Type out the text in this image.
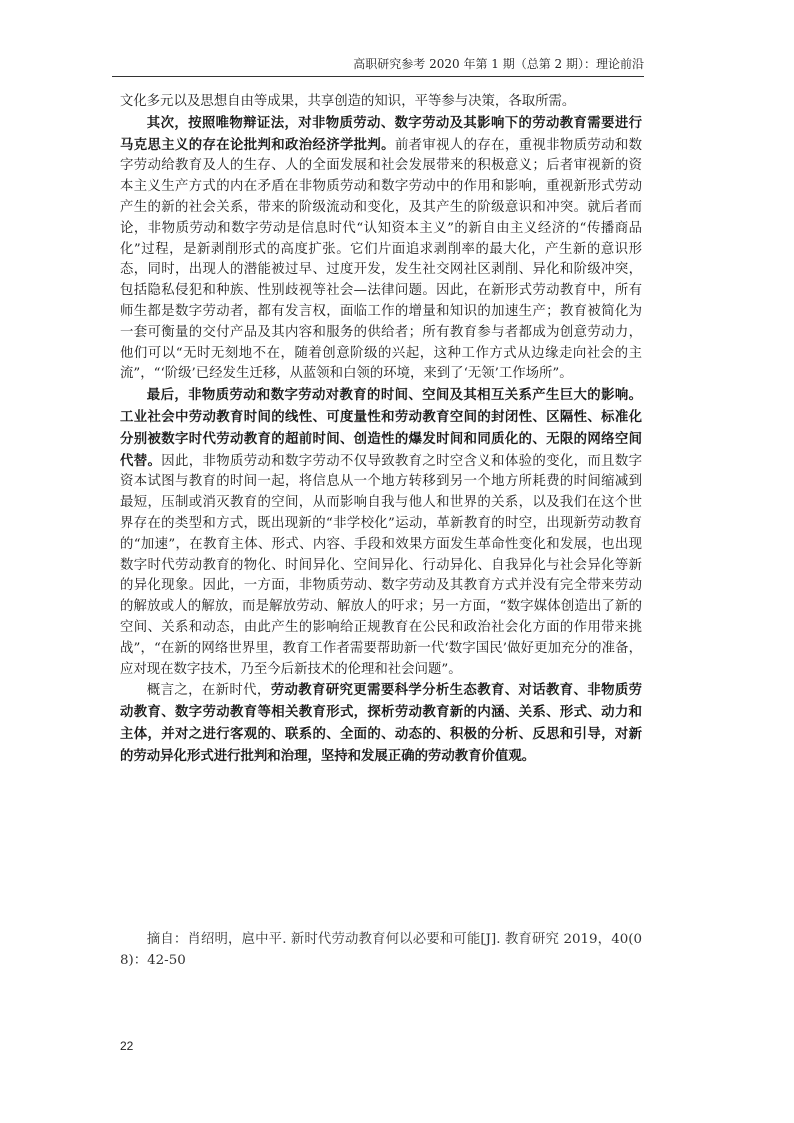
高职研究参考 2020 年第 1 期（总第 2 期）：理论前沿

文化多元以及思想自由等成果，共享创造的知识，平等参与决策，各取所需。

其次，按照唯物辩证法，对非物质劳动、数字劳动及其影响下的劳动教育需要进行马克思主义的存在论批判和政治经济学批判。前者审视人的存在，重视非物质劳动和数字劳动给教育及人的生存、人的全面发展和社会发展带来的积极意义；后者审视新的资本主义生产方式的内在矛盾在非物质劳动和数字劳动中的作用和影响，重视新形式劳动产生的新的社会关系，带来的阶级流动和变化，及其产生的阶级意识和冲突。就后者而论，非物质劳动和数字劳动是信息时代“认知资本主义”的新自由主义经济的“传播商品化”过程，是新剥削形式的高度扩张。它们片面追求剥削率的最大化，产生新的意识形态，同时，出现人的潜能被过早、过度开发，发生社交网社区剥削、异化和阶级冲突，包括隐私侵犯和种族、性别歧视等社会—法律问题。因此，在新形式劳动教育中，所有师生都是数字劳动者，都有发言权，面临工作的增量和知识的加速生产；教育被简化为一套可衡量的交付产品及其内容和服务的供给者；所有教育参与者都成为创意劳动力，他们可以“无时无刻地不在，随着创意阶级的兴起，这种工作方式从边缘走向社会的主流”，“‘阶级’已经发生迁移，从蓝领和白领的环境，来到了‘无领’工作场所”。

最后，非物质劳动和数字劳动对教育的时间、空间及其相互关系产生巨大的影响。工业社会中劳动教育时间的线性、可度量性和劳动教育空间的封闭性、区隔性、标准化分别被数字时代劳动教育的超前时间、创造性的爆发时间和同质化的、无限的网络空间代替。因此，非物质劳动和数字劳动不仅导致教育之时空含义和体验的变化，而且数字资本试图与教育的时间一起，将信息从一个地方转移到另一个地方所耗费的时间缩减到最短，压制或消灭教育的空间，从而影响自我与他人和世界的关系，以及我们在这个世界存在的类型和方式，既出现新的“非学校化”运动，革新教育的时空，出现新劳动教育的“加速”，在教育主体、形式、内容、手段和效果方面发生革命性变化和发展，也出现数字时代劳动教育的物化、时间异化、空间异化、行动异化、自我异化与社会异化等新的异化现象。因此，一方面，非物质劳动、数字劳动及其教育方式并没有完全带来劳动的解放或人的解放，而是解放劳动、解放人的吁求；另一方面，“数字媒体创造出了新的空间、关系和动态，由此产生的影响给正规教育在公民和政治社会化方面的作用带来挑战”，“在新的网络世界里，教育工作者需要帮助新一代‘数字国民’做好更加充分的准备，应对现在数字技术，乃至今后新技术的伦理和社会问题”。

概言之，在新时代，劳动教育研究更需要科学分析生态教育、对话教育、非物质劳动教育、数字劳动教育等相关教育形式，探析劳动教育新的内涵、关系、形式、动力和主体，并对之进行客观的、联系的、全面的、动态的、积极的分析、反思和引导，对新的劳动异化形式进行批判和治理，坚持和发展正确的劳动教育价值观。

摘自：肖绍明，扈中平. 新时代劳动教育何以必要和可能[J]. 教育研究 2019，40(08)：42-50
22
